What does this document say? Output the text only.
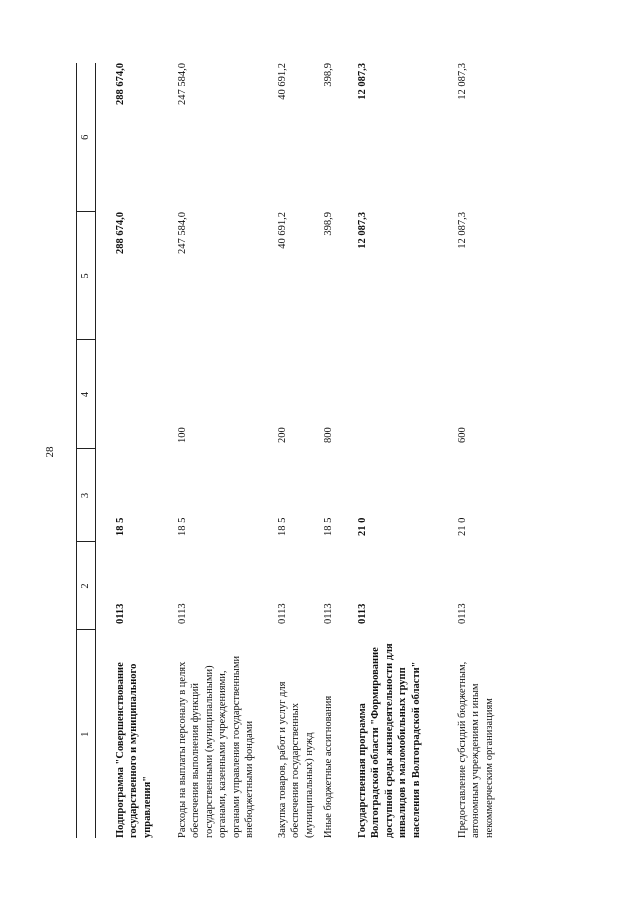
28
1	2	3	4	5	6
Подпрограмма "Совершенствование государственного и муниципального управления"	0113	18 5		288 674,0	288 674,0
Расходы на выплаты персоналу в целях обеспечения выполнения функций государственными (муниципальными) органами, казенными учреждениями, органами управления государственными внебюджетными фондами	0113	18 5	100	247 584,0	247 584,0
Закупка товаров, работ и услуг для обеспечения государственных (муниципальных) нужд	0113	18 5	200	40 691,2	40 691,2
Иные бюджетные ассигнования	0113	18 5	800	398,9	398,9
Государственная программа Волгоградской области "Формирование доступной среды жизнедеятельности для инвалидов и маломобильных групп населения в Волгоградской области"	0113	21 0		12 087,3	12 087,3
Предоставление субсидий бюджетным, автономным учреждениям и иным некоммерческим организациям	0113	21 0	600	12 087,3	12 087,3
